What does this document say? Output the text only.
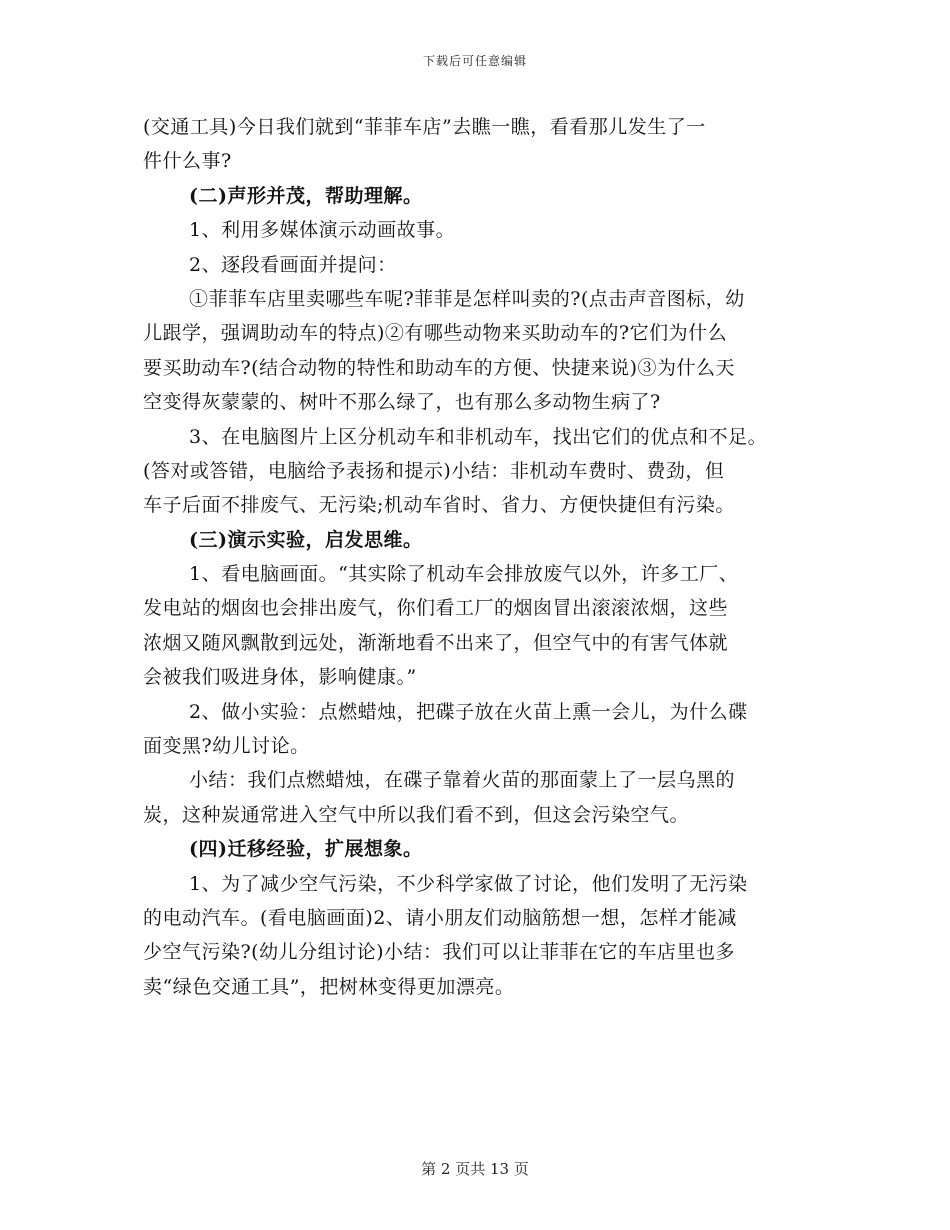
下载后可任意编辑
(交通工具)今日我们就到“菲菲车店”去瞧一瞧，看看那儿发生了一
件什么事?
(二)声形并茂，帮助理解。
1、利用多媒体演示动画故事。
2、逐段看画面并提问：
①菲菲车店里卖哪些车呢?菲菲是怎样叫卖的?(点击声音图标，幼
儿跟学，强调助动车的特点)②有哪些动物来买助动车的?它们为什么
要买助动车?(结合动物的特性和助动车的方便、快捷来说)③为什么天
空变得灰蒙蒙的、树叶不那么绿了，也有那么多动物生病了?
3、在电脑图片上区分机动车和非机动车，找出它们的优点和不足。
(答对或答错，电脑给予表扬和提示)小结：非机动车费时、费劲，但
车子后面不排废气、无污染;机动车省时、省力、方便快捷但有污染。
(三)演示实验，启发思维。
1、看电脑画面。“其实除了机动车会排放废气以外，许多工厂、
发电站的烟囱也会排出废气，你们看工厂的烟囱冒出滚滚浓烟，这些
浓烟又随风飘散到远处，渐渐地看不出来了，但空气中的有害气体就
会被我们吸进身体，影响健康。”
2、做小实验：点燃蜡烛，把碟子放在火苗上熏一会儿，为什么碟
面变黑?幼儿讨论。
小结：我们点燃蜡烛，在碟子靠着火苗的那面蒙上了一层乌黑的
炭，这种炭通常进入空气中所以我们看不到，但这会污染空气。
(四)迁移经验，扩展想象。
1、为了减少空气污染，不少科学家做了讨论，他们发明了无污染
的电动汽车。(看电脑画面)2、请小朋友们动脑筋想一想，怎样才能减
少空气污染?(幼儿分组讨论)小结：我们可以让菲菲在它的车店里也多
卖“绿色交通工具”，把树林变得更加漂亮。
第 2 页共 13 页
